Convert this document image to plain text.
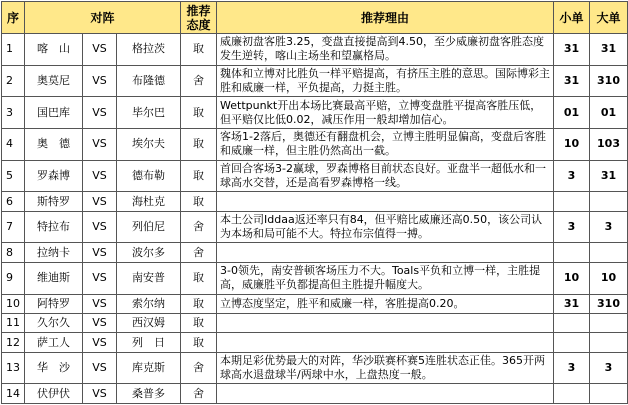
序	对阵			推荐态度	推荐理由	小单	大单
1	喀　山	VS	格拉茨	取	威廉初盘客胜3.25，变盘直接提高到4.50，至少威廉初盘客胜态度发生逆转，喀山主场坐和望赢格局。	31	31
2	奥莫尼	VS	布隆德	舍	魏体和立博对比胜负一样平赔提高，有挤压主胜的意思。国际博彩主胜和威廉一样，平负提高，力挺主胜。	31	310
3	国巴库	VS	毕尔巴	取	Wettpunkt开出本场比赛最高平赔，立博变盘胜平提高客胜压低，但平赔仅比低0.02，减压作用一般却增加信心。	01	01
4	奥　德	VS	埃尔夫	取	客场1-2落后，奥德还有翻盘机会，立博主胜明显偏高，变盘后客胜和威廉一样，但主胜仍然高出一截。	10	103
5	罗森博	VS	德布勒	取	首回合客场3-2赢球，罗森博格目前状态良好。亚盘半一超低水和一球高水交替，还是高看罗森博格一线。	3	31
6	斯特罗	VS	海杜克	取			
7	特拉布	VS	列伯尼	舍	本土公司Iddaa返还率只有84，但平赔比威廉还高0.50，该公司认为本场和局可能不大。特拉布宗值得一搏。	3	3
8	拉纳卡	VS	波尔多	舍			
9	维迪斯	VS	南安普	取	3-0领先，南安普顿客场压力不大。Toals平负和立博一样，主胜提高，威廉胜平负都提高但主胜提升幅度大。	10	10
10	阿特罗	VS	索尔纳	取	立博态度坚定，胜平和威廉一样，客胜提高0.20。	31	310
11	久尔久	VS	西汉姆	取			
12	萨工人	VS	列　日	取			
13	华　沙	VS	库克斯	舍	本期足彩优势最大的对阵，华沙联赛杯赛5连胜状态正佳。365开两球高水退盘球半/两球中水，上盘热度一般。	3	3
14	伏伊伏	VS	桑普多	舍			
